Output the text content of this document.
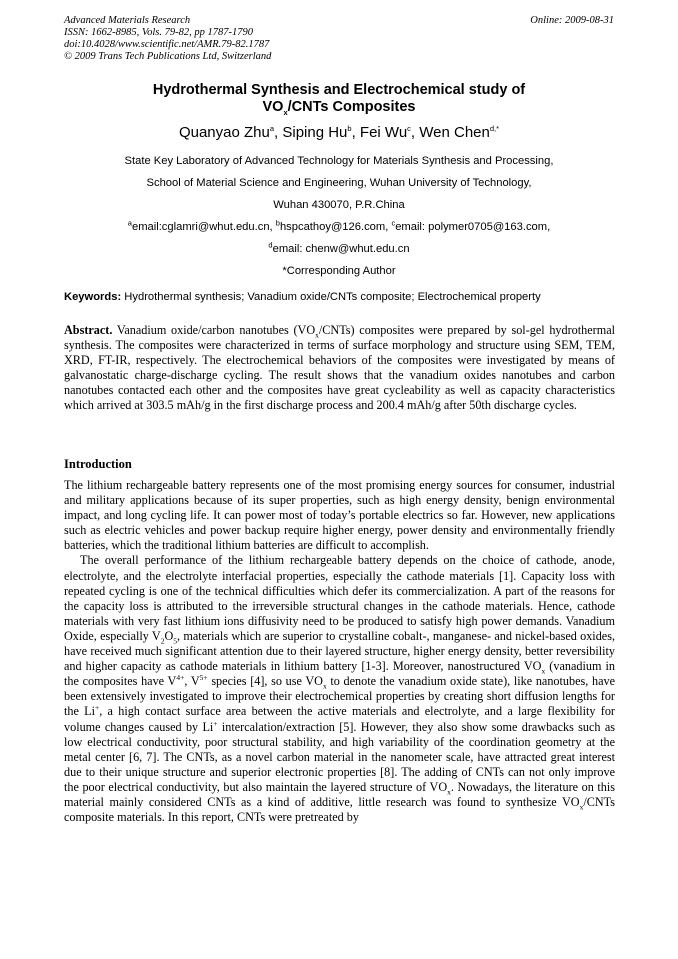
Advanced Materials Research
ISSN: 1662-8985, Vols. 79-82, pp 1787-1790
doi:10.4028/www.scientific.net/AMR.79-82.1787
© 2009 Trans Tech Publications Ltd, Switzerland
Online: 2009-08-31
Hydrothermal Synthesis and Electrochemical study of
$VO_x$/CNTs Composites
Quanyao Zhu$^a$, Siping Hu$^b$, Fei Wu$^c$, Wen Chen$^{d,*}$

State Key Laboratory of Advanced Technology for Materials Synthesis and Processing,

School of Material Science and Engineering, Wuhan University of Technology,

Wuhan 430070, P.R.China

$^a$email:cglamri@whut.edu.cn, $^b$hspcathoy@126.com, $^c$email: polymer0705@163.com,

$^d$email: chenw@whut.edu.cn

*Corresponding Author

Keywords: Hydrothermal synthesis; Vanadium oxide/CNTs composite; Electrochemical property

Abstract. Vanadium oxide/carbon nanotubes $(VO_x/CNTs)$ composites were prepared by sol-gel hydrothermal synthesis. The composites were characterized in terms of surface morphology and structure using SEM, TEM, XRD, FT-IR, respectively. The electrochemical behaviors of the composites were investigated by means of galvanostatic charge-discharge cycling. The result shows that the vanadium oxides nanotubes and carbon nanotubes contacted each other and the composites have great cycleability as well as capacity characteristics which arrived at 303.5 mAh/g in the first discharge process and 200.4 mAh/g after 50th discharge cycles.

Introduction

The lithium rechargeable battery represents one of the most promising energy sources for consumer, industrial and military applications because of its super properties, such as high energy density, benign environmental impact, and long cycling life. It can power most of today’s portable electrics so far. However, new applications such as electric vehicles and power backup require higher energy, power density and environmentally friendly batteries, which the traditional lithium batteries are difficult to accomplish.

The overall performance of the lithium rechargeable battery depends on the choice of cathode, anode, electrolyte, and the electrolyte interfacial properties, especially the cathode materials [1]. Capacity loss with repeated cycling is one of the technical difficulties which defer its commercialization. A part of the reasons for the capacity loss is attributed to the irreversible structural changes in the cathode materials. Hence, cathode materials with very fast lithium ions diffusivity need to be produced to satisfy high power demands. Vanadium Oxide, especially $V_2O_5$, materials which are superior to crystalline cobalt-, manganese- and nickel-based oxides, have received much significant attention due to their layered structure, higher energy density, better reversibility and higher capacity as cathode materials in lithium battery [1-3]. Moreover, nanostructured $VO_x$ (vanadium in the composites have $V^{4+}$, $V^{5+}$ species [4], so use $VO_x$ to denote the vanadium oxide state), like nanotubes, have been extensively investigated to improve their electrochemical properties by creating short diffusion lengths for the Li+, a high contact surface area between the active materials and electrolyte, and a large flexibility for volume changes caused by Li+ intercalation/extraction [5]. However, they also show some drawbacks such as low electrical conductivity, poor structural stability, and high variability of the coordination geometry at the metal center [6, 7]. The CNTs, as a novel carbon material in the nanometer scale, have attracted great interest due to their unique structure and superior electronic properties [8]. The adding of CNTs can not only improve the poor electrical conductivity, but also maintain the layered structure of $VO_x$. Nowadays, the literature on this material mainly considered CNTs as a kind of additive, little research was found to synthesize $VO_x$/CNTs composite materials. In this report, CNTs were pretreated by
